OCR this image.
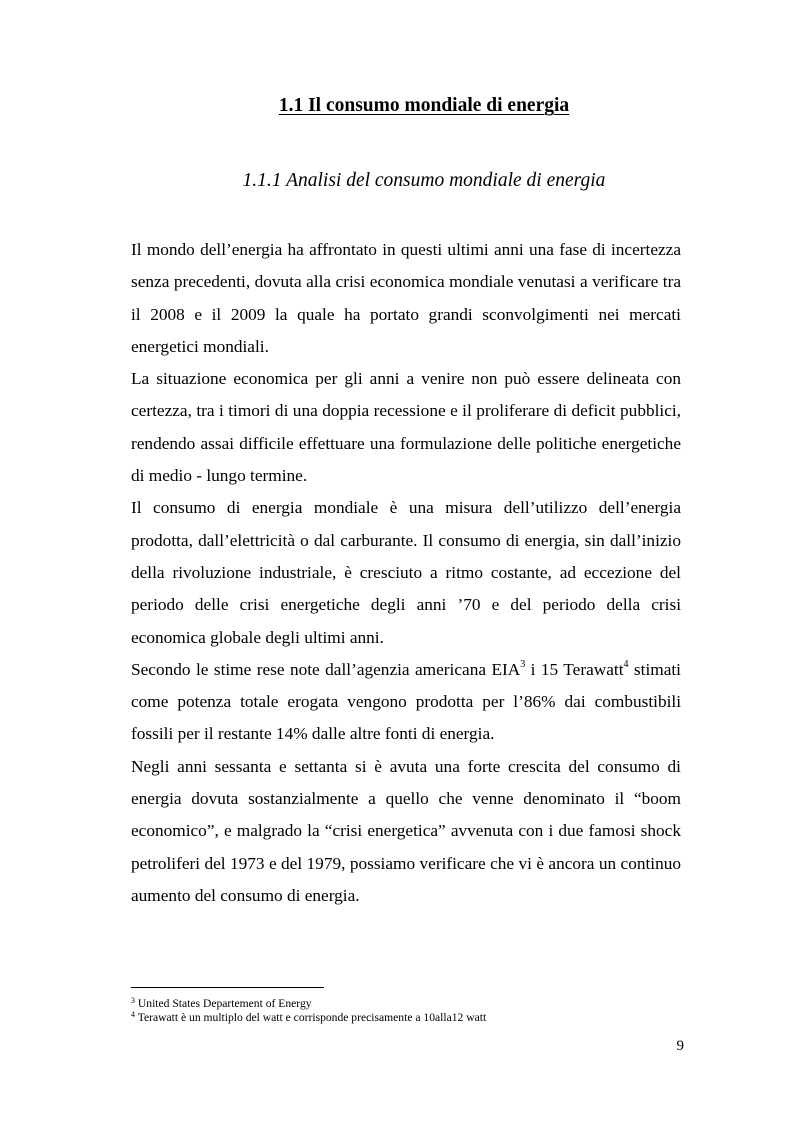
1.1 Il consumo mondiale di energia
1.1.1 Analisi del consumo mondiale di energia

Il mondo dell’energia ha affrontato in questi ultimi anni una fase di incertezza senza precedenti, dovuta alla crisi economica mondiale venutasi a verificare tra il 2008 e il 2009 la quale ha portato grandi sconvolgimenti nei mercati energetici mondiali.

La situazione economica per gli anni a venire non può essere delineata con certezza, tra i timori di una doppia recessione e il proliferare di deficit pubblici, rendendo assai difficile effettuare una formulazione delle politiche energetiche di medio - lungo termine.

Il consumo di energia mondiale è una misura dell’utilizzo dell’energia prodotta, dall’elettricità o dal carburante. Il consumo di energia, sin dall’inizio della rivoluzione industriale, è cresciuto a ritmo costante, ad eccezione del periodo delle crisi energetiche degli anni ’70 e del periodo della crisi economica globale degli ultimi anni.

Secondo le stime rese note dall’agenzia americana EIA$^3$ i 15 Terawatt$^4$ stimati come potenza totale erogata vengono prodotta per l’86% dai combustibili fossili per il restante 14% dalle altre fonti di energia.

Negli anni sessanta e settanta si è avuta una forte crescita del consumo di energia dovuta sostanzialmente a quello che venne denominato il “boom economico”, e malgrado la “crisi energetica” avvenuta con i due famosi shock petroliferi del 1973 e del 1979, possiamo verificare che vi è ancora un continuo aumento del consumo di energia.

$^3$ United States Departement of Energy
$^4$ Terawatt è un multiplo del watt e corrisponde precisamente a 10alla12 watt
9
